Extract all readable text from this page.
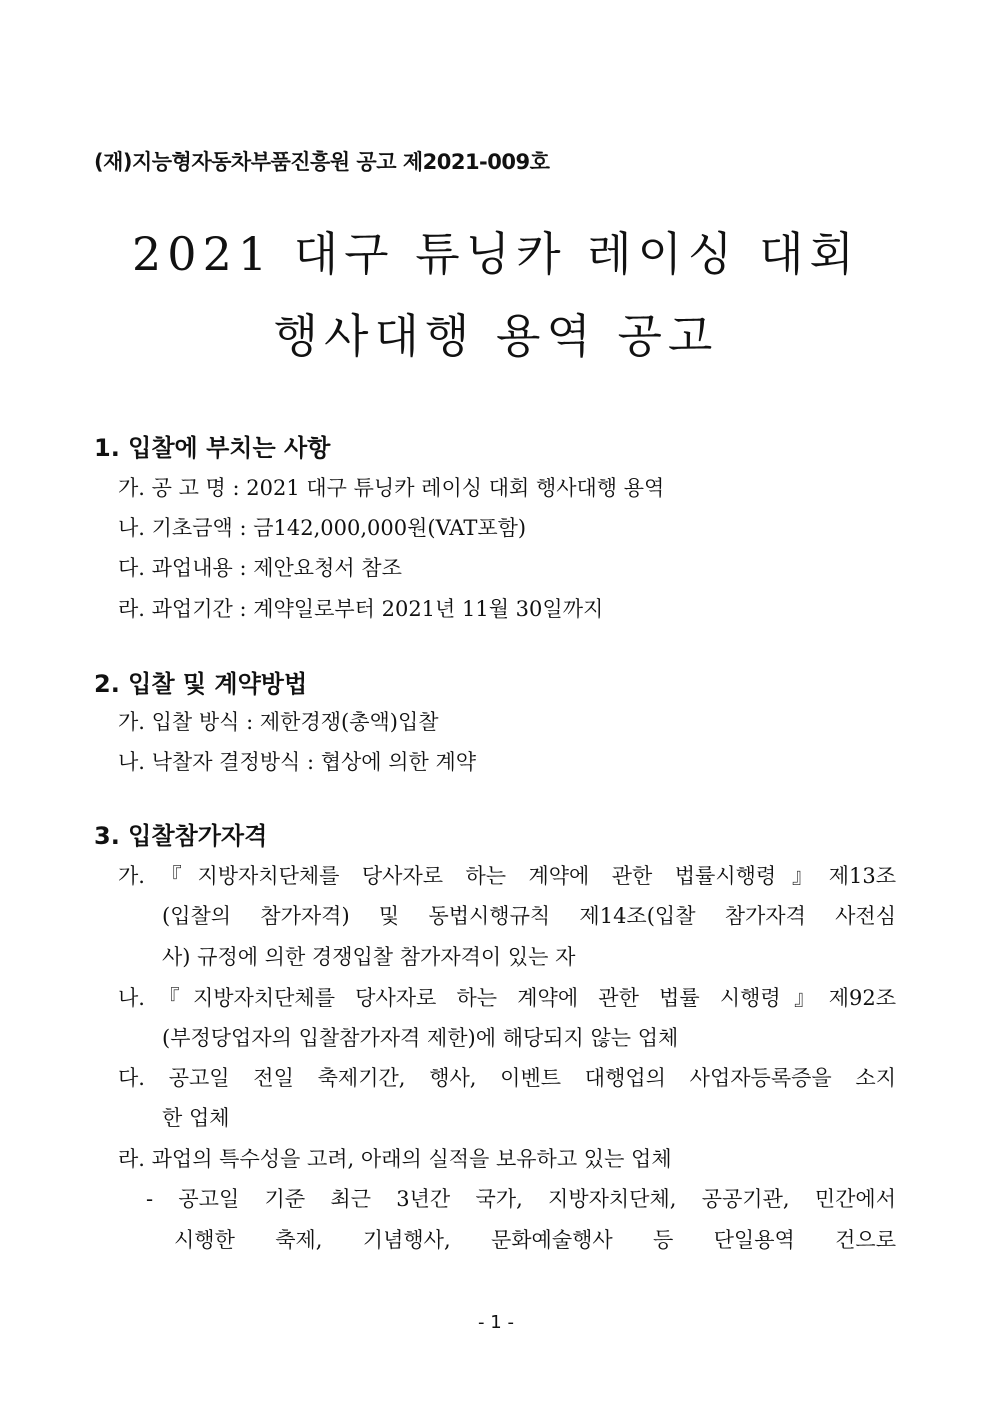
(재)지능형자동차부품진흥원 공고 제2021-009호
2021 대구 튜닝카 레이싱 대회
행사대행 용역 공고
1. 입찰에 부치는 사항
가. 공 고 명 : 2021 대구 튜닝카 레이싱 대회 행사대행 용역
나. 기초금액 : 금142,000,000원(VAT포함)
다. 과업내용 : 제안요청서 참조
라. 과업기간 : 계약일로부터 2021년 11월 30일까지
2. 입찰 및 계약방법
가. 입찰 방식 : 제한경쟁(총액)입찰
나. 낙찰자 결정방식 : 협상에 의한 계약
3. 입찰참가자격
가.『지방자치단체를 당사자로 하는 계약에 관한 법률시행령』제13조
(입찰의 참가자격) 및 동법시행규칙 제14조(입찰 참가자격 사전심
사) 규정에 의한 경쟁입찰 참가자격이 있는 자
나.『지방자치단체를 당사자로 하는 계약에 관한 법률 시행령』제92조
(부정당업자의 입찰참가자격 제한)에 해당되지 않는 업체
다. 공고일 전일 축제기간, 행사, 이벤트 대행업의 사업자등록증을 소지
한 업체
라. 과업의 특수성을 고려, 아래의 실적을 보유하고 있는 업체
- 공고일 기준 최근 3년간 국가, 지방자치단체, 공공기관, 민간에서
시행한 축제, 기념행사, 문화예술행사 등 단일용역 건으로
- 1 -
